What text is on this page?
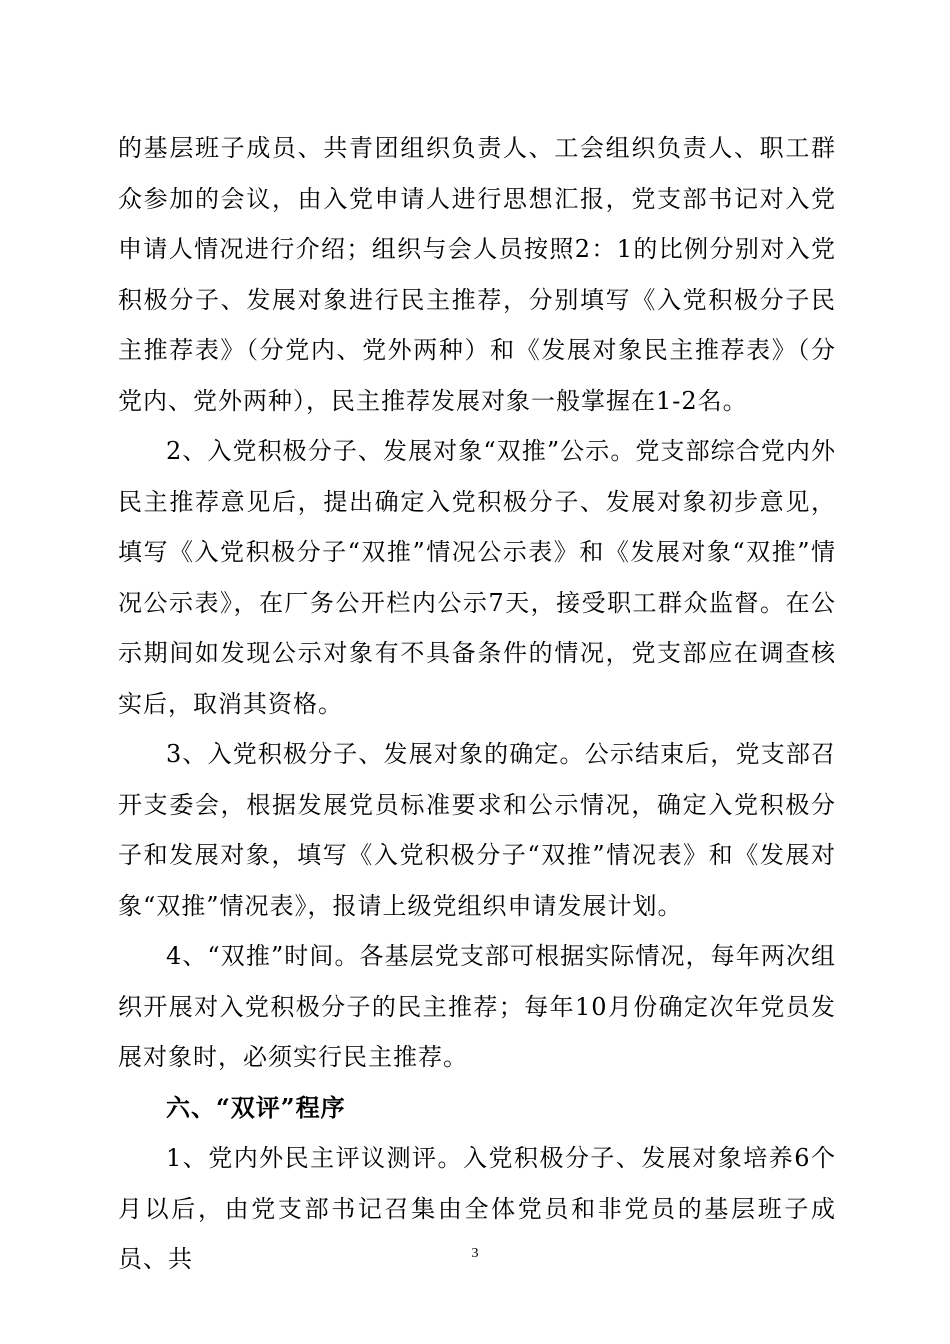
的基层班子成员、共青团组织负责人、工会组织负责人、职工群众参加的会议，由入党申请人进行思想汇报，党支部书记对入党申请人情况进行介绍；组织与会人员按照2：1的比例分别对入党积极分子、发展对象进行民主推荐，分别填写《入党积极分子民主推荐表》（分党内、党外两种）和《发展对象民主推荐表》（分党内、党外两种），民主推荐发展对象一般掌握在1-2名。

2、入党积极分子、发展对象“双推”公示。党支部综合党内外民主推荐意见后，提出确定入党积极分子、发展对象初步意见，填写《入党积极分子“双推”情况公示表》和《发展对象“双推”情况公示表》，在厂务公开栏内公示7天，接受职工群众监督。在公示期间如发现公示对象有不具备条件的情况，党支部应在调查核实后，取消其资格。

3、入党积极分子、发展对象的确定。公示结束后，党支部召开支委会，根据发展党员标准要求和公示情况，确定入党积极分子和发展对象，填写《入党积极分子“双推”情况表》和《发展对象“双推”情况表》，报请上级党组织申请发展计划。

4、“双推”时间。各基层党支部可根据实际情况，每年两次组织开展对入党积极分子的民主推荐；每年10月份确定次年党员发展对象时，必须实行民主推荐。

六、“双评”程序

1、党内外民主评议测评。入党积极分子、发展对象培养6个月以后，由党支部书记召集由全体党员和非党员的基层班子成员、共	3
